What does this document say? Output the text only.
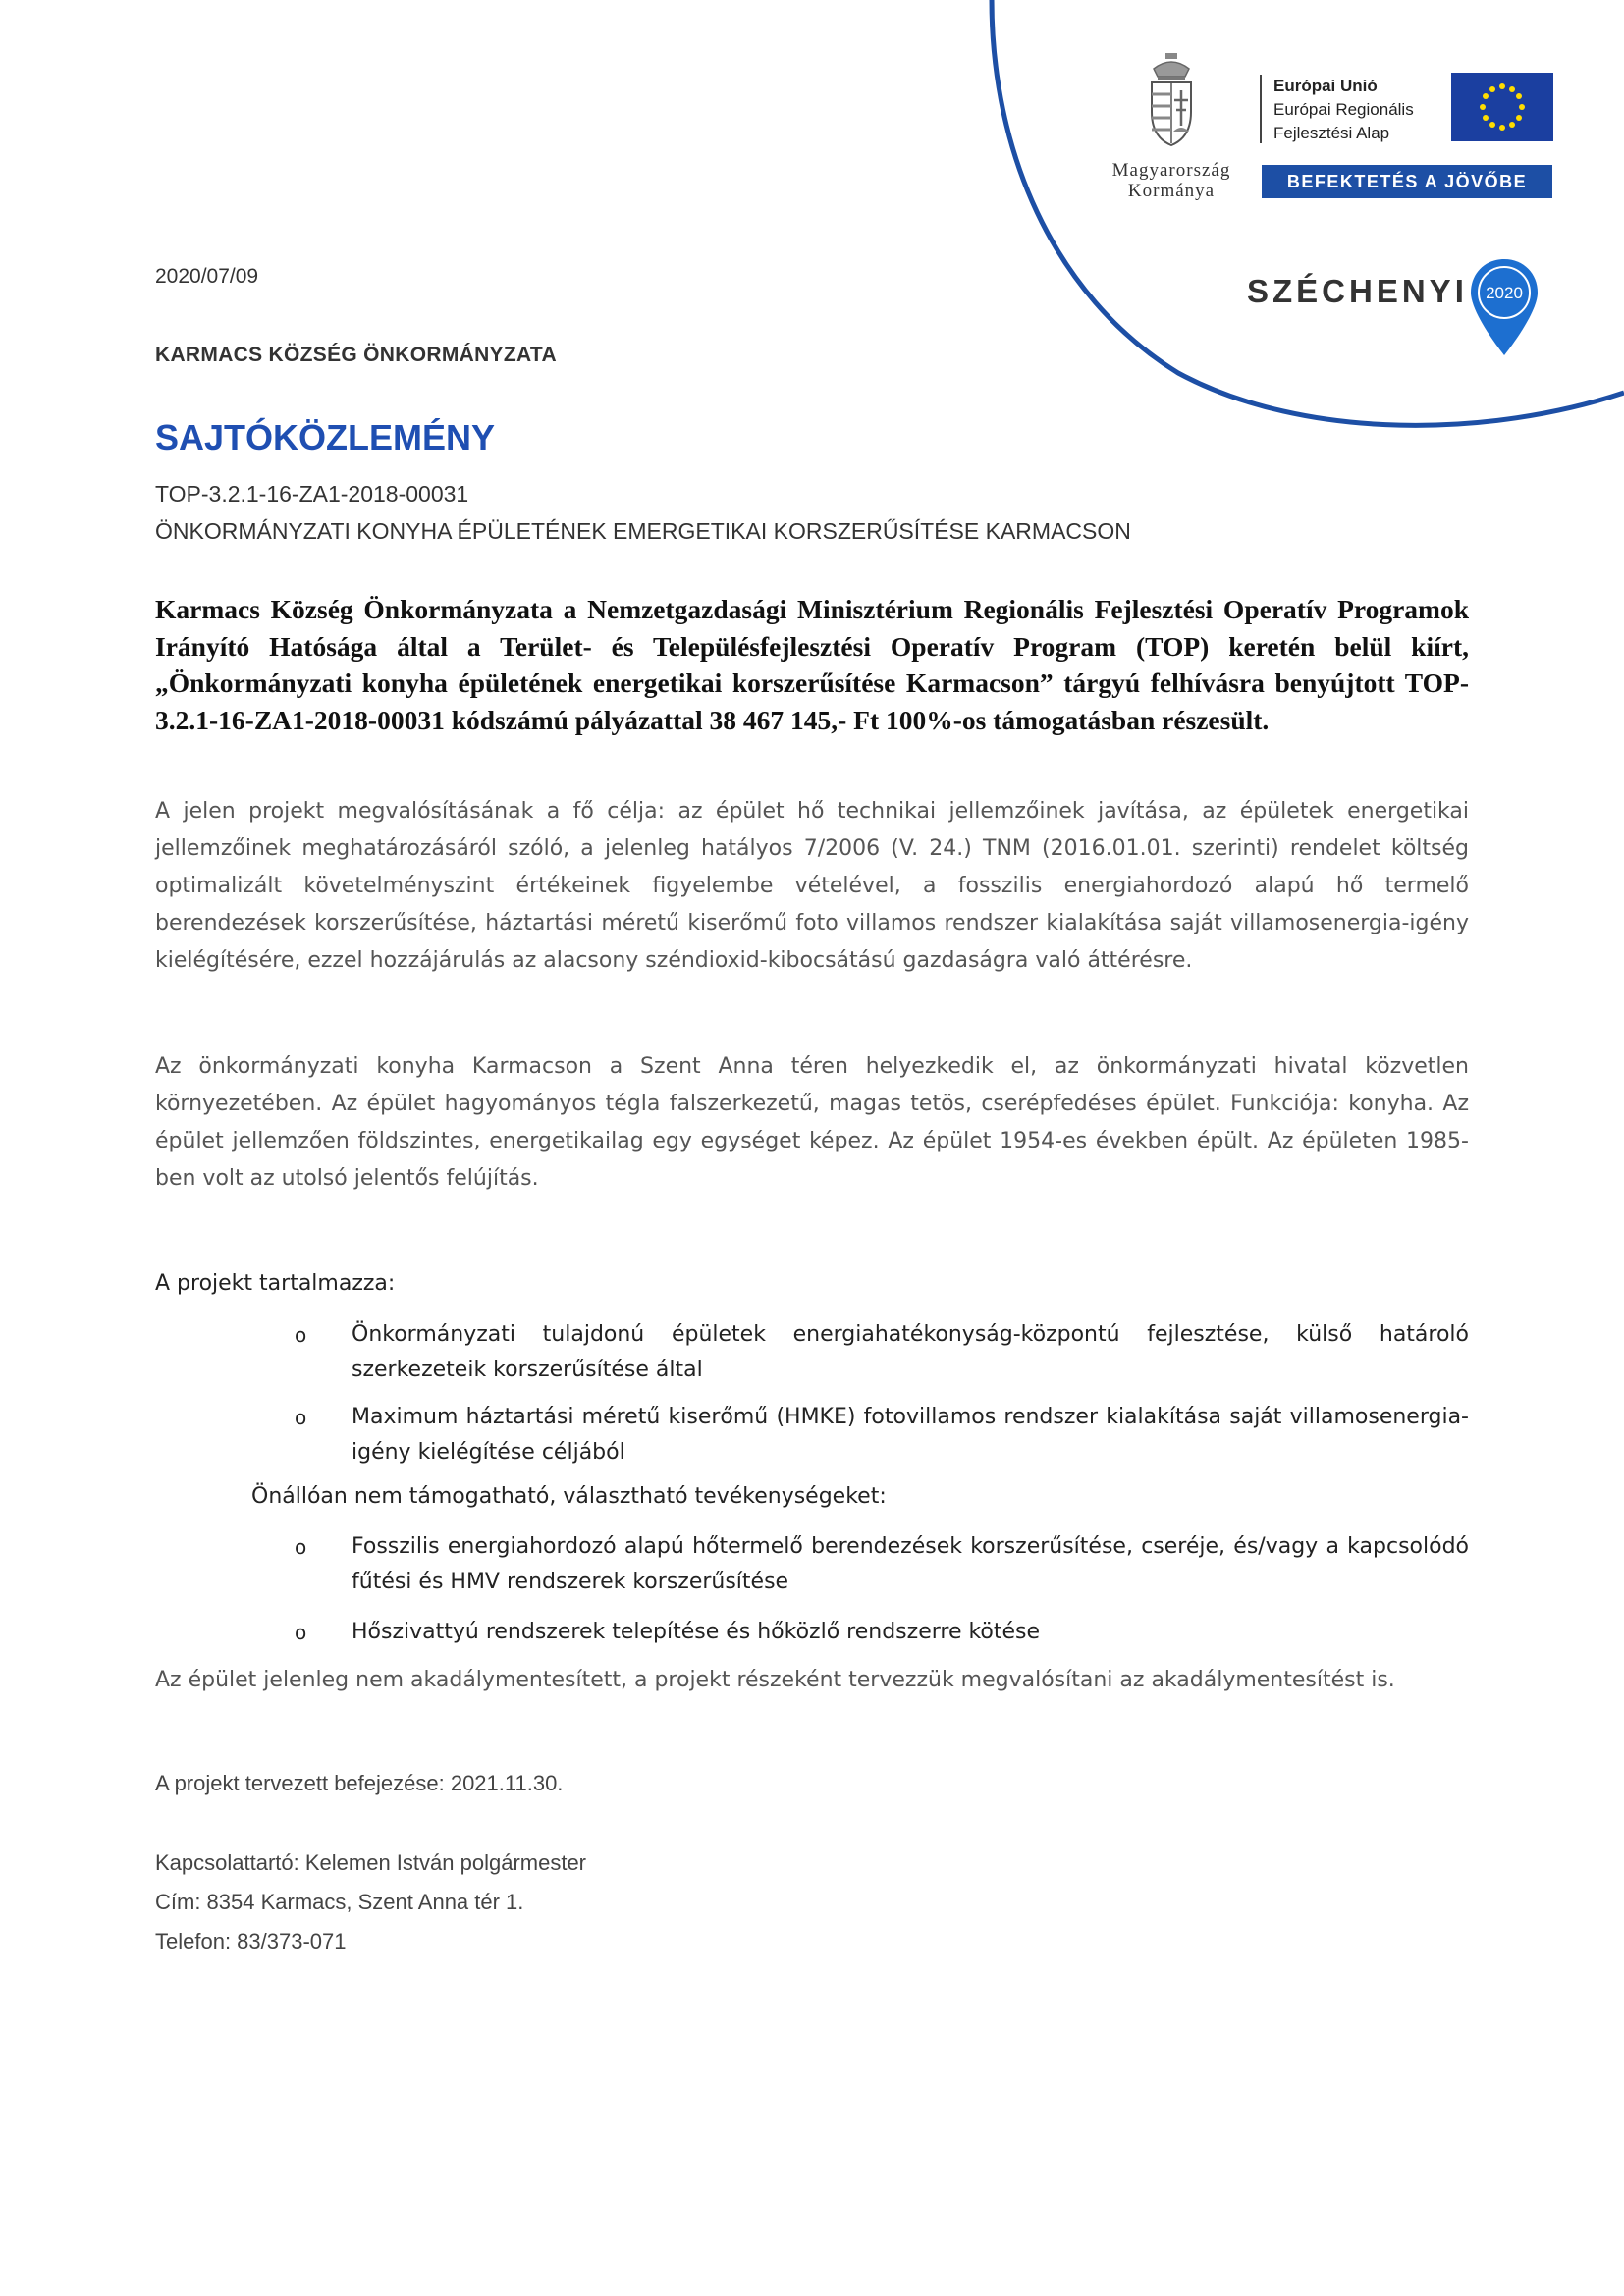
Magyarország
Kormánya
Európai Unió
Európai Regionális
Fejlesztési Alap
BEFEKTETÉS A JÖVŐBE
SZÉCHENYI 2020
2020/07/09
KARMACS KÖZSÉG ÖNKORMÁNYZATA
SAJTÓKÖZLEMÉNY
TOP-3.2.1-16-ZA1-2018-00031
ÖNKORMÁNYZATI KONYHA ÉPÜLETÉNEK EMERGETIKAI KORSZERŰSÍTÉSE KARMACSON
Karmacs Község Önkormányzata a Nemzetgazdasági Minisztérium Regionális Fejlesztési Operatív Programok Irányító Hatósága által a Terület- és Településfejlesztési Operatív Program (TOP) keretén belül kiírt, „Önkormányzati konyha épületének energetikai korszerűsítése Karmacson” tárgyú felhívásra benyújtott TOP-3.2.1-16-ZA1-2018-00031 kódszámú pályázattal 38 467 145,- Ft 100%-os támogatásban részesült.

A jelen projekt megvalósításának a fő célja: az épület hő technikai jellemzőinek javítása, az épületek energetikai jellemzőinek meghatározásáról szóló, a jelenleg hatályos 7/2006 (V. 24.) TNM (2016.01.01. szerinti) rendelet költség optimalizált követelményszint értékeinek figyelembe vételével, a fosszilis energiahordozó alapú hő termelő berendezések korszerűsítése, háztartási méretű kiserőmű foto villamos rendszer kialakítása saját villamosenergia-igény kielégítésére, ezzel hozzájárulás az alacsony széndioxid-kibocsátású gazdaságra való áttérésre.

Az önkormányzati konyha Karmacson a Szent Anna téren helyezkedik el, az önkormányzati hivatal közvetlen környezetében. Az épület hagyományos tégla falszerkezetű, magas tetös, cserépfedéses épület. Funkciója: konyha. Az épület jellemzően földszintes, energetikailag egy egységet képez. Az épület 1954-es években épült. Az épületen 1985-ben volt az utolsó jelentős felújítás.

A projekt tartalmazza:
o Önkormányzati tulajdonú épületek energiahatékonyság-központú fejlesztése, külső határoló szerkezeteik korszerűsítése által
o Maximum háztartási méretű kiserőmű (HMKE) fotovillamos rendszer kialakítása saját villamosenergia-igény kielégítése céljából
Önállóan nem támogatható, választható tevékenységeket:
o Fosszilis energiahordozó alapú hőtermelő berendezések korszerűsítése, cseréje, és/vagy a kapcsolódó fűtési és HMV rendszerek korszerűsítése
o Hőszivattyú rendszerek telepítése és hőközlő rendszerre kötése

Az épület jelenleg nem akadálymentesített, a projekt részeként tervezzük megvalósítani az akadálymentesítést is.

A projekt tervezett befejezése: 2021.11.30.
Kapcsolattartó: Kelemen István polgármester
Cím: 8354 Karmacs, Szent Anna tér 1.
Telefon: 83/373-071
